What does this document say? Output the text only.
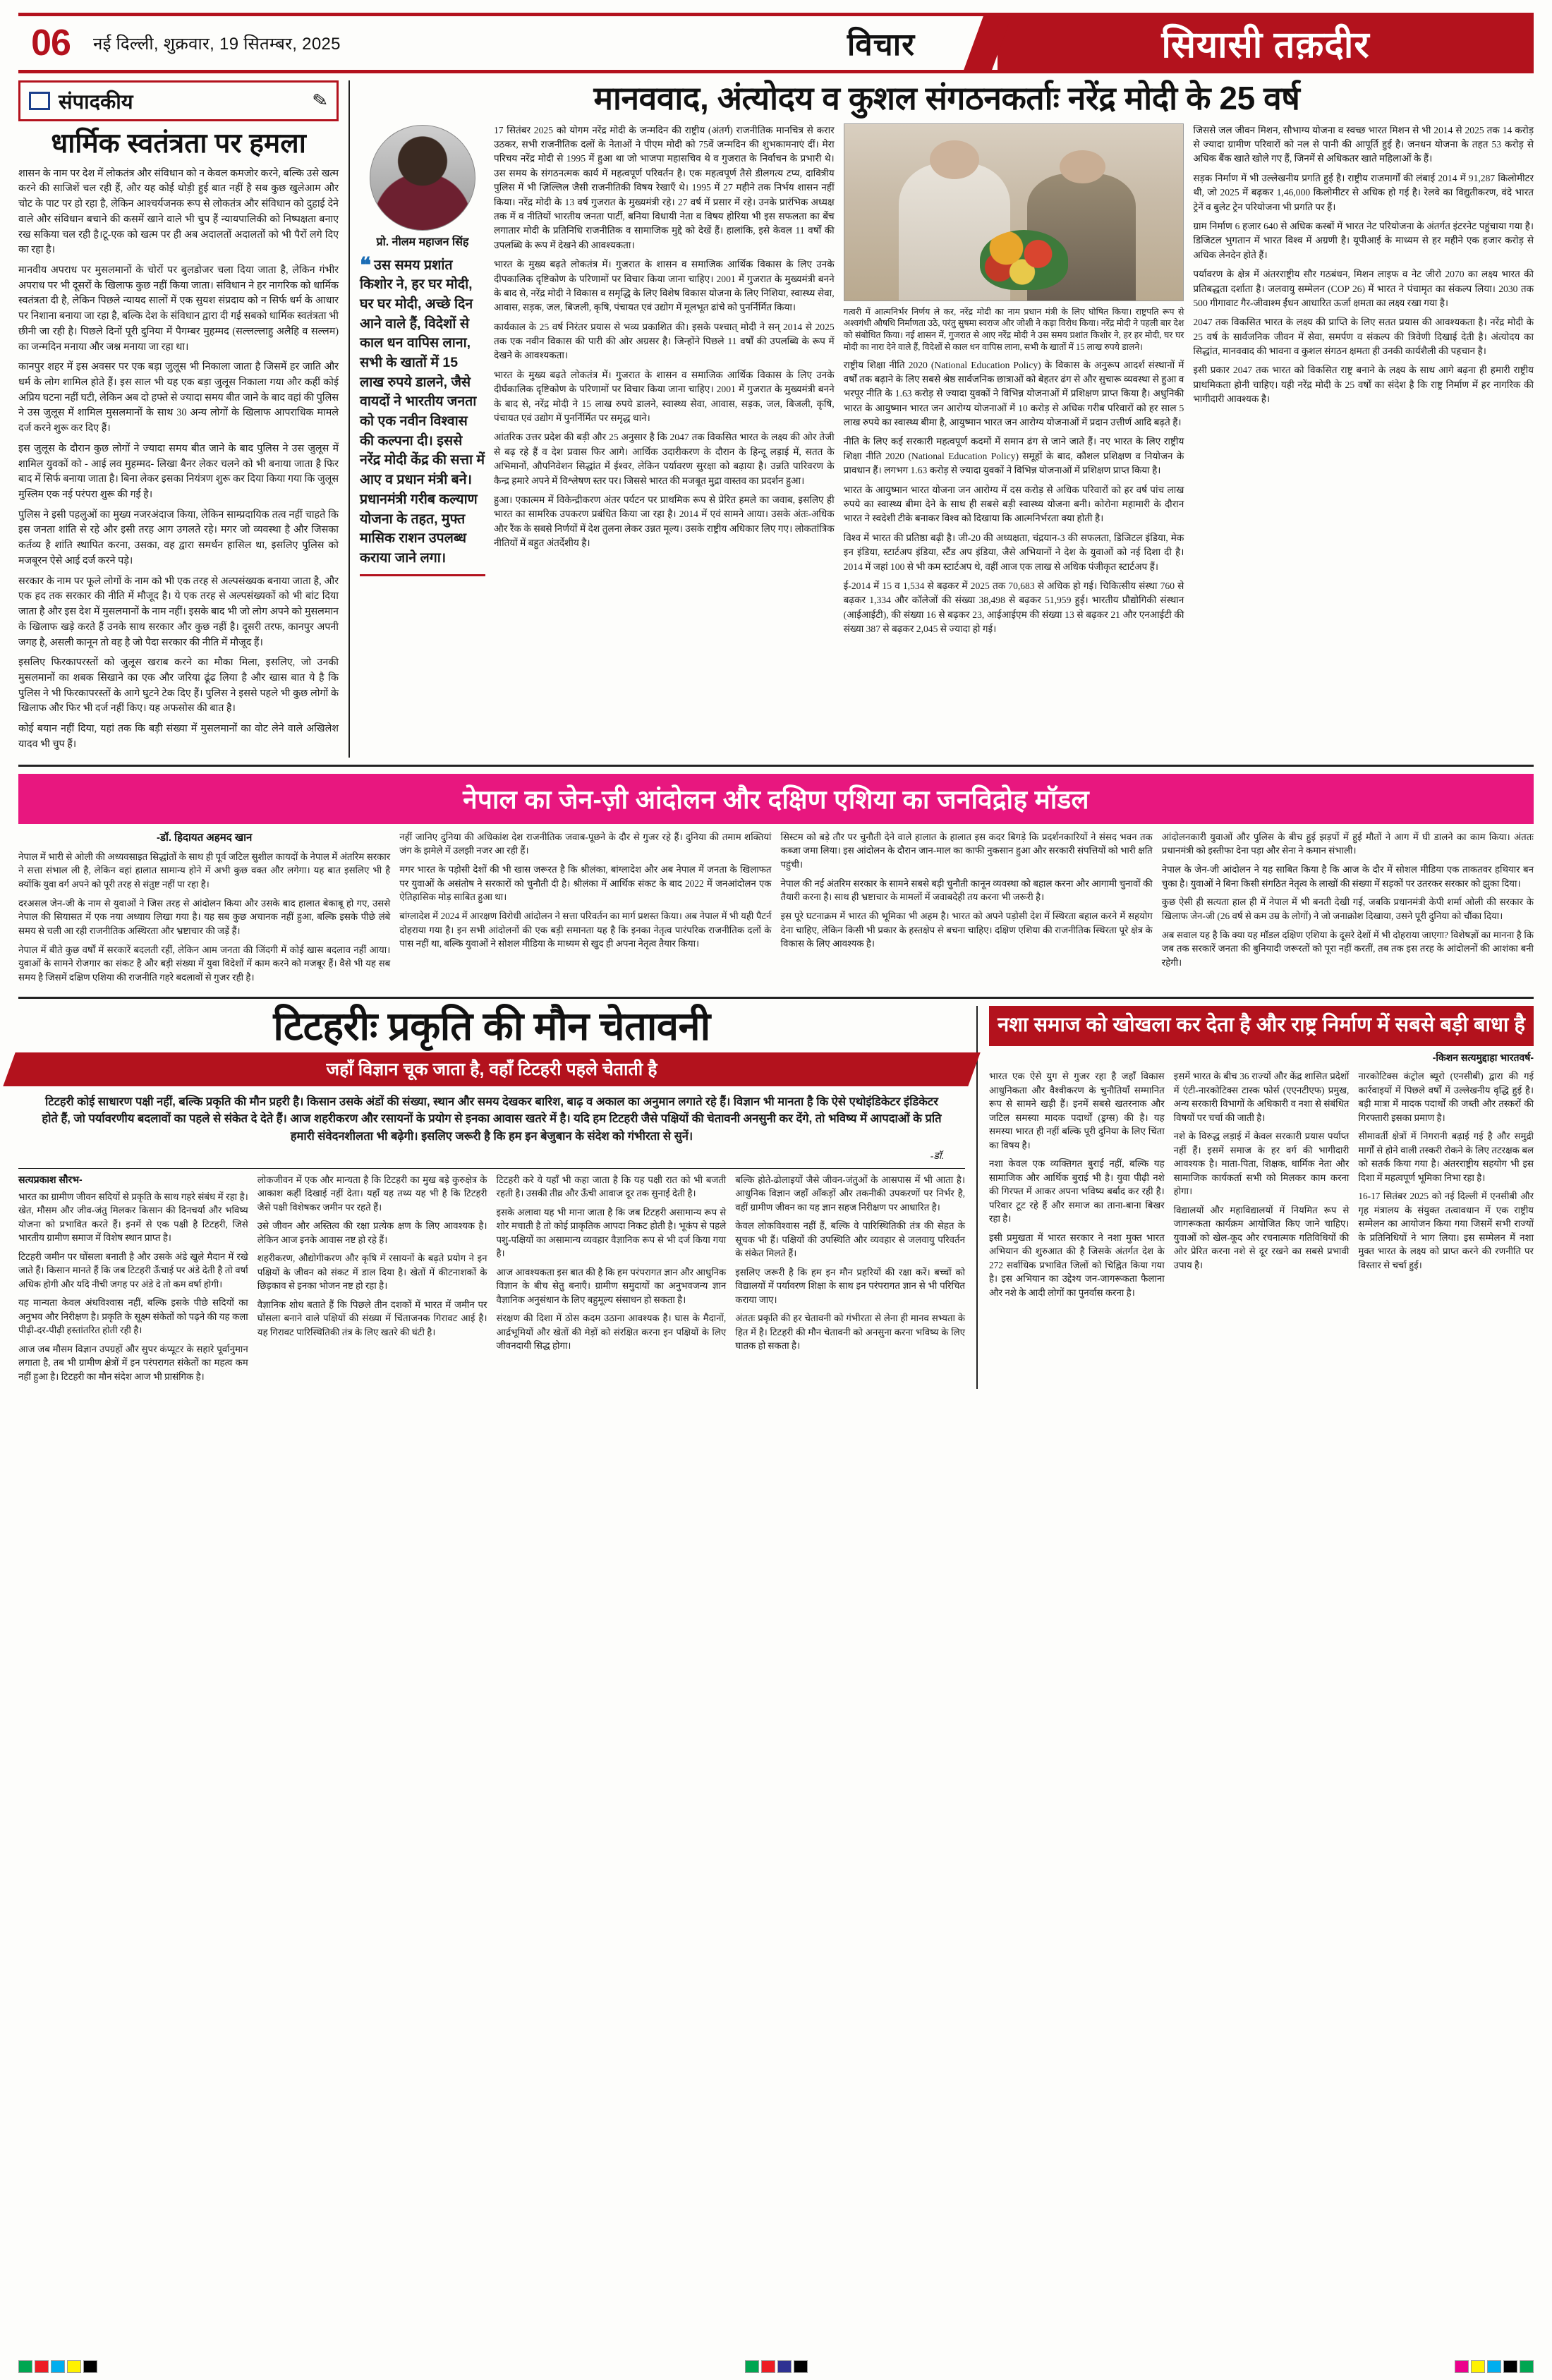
06	नई दिल्ली, शुक्रवार, 19 सितम्बर, 2025	विचार	सियासी तक़दीर
संपादकीय	✎
धार्मिक स्वतंत्रता पर हमला

शासन के नाम पर देश में लोकतंत्र और संविधान को न केवल कमजोर करने, बल्कि उसे खत्म करने की साजिशें चल रही हैं, और यह कोई थोड़ी हुई बात नहीं है सब कुछ खुलेआम और चोट के पाट पर हो रहा है, लेकिन आश्चर्यजनक रूप से लोकतंत्र और संविधान को दुहाई देने वाले और संविधान बचाने की कसमें खाने वाले भी चुप हैं न्यायपालिकी को निष्पक्षता बनाए रख सकिया चल रही है।टू-एक को खत्म पर ही अब अदालतों अदालतों को भी पैरों लगे दिए का रहा है।

मानवीय अपराध पर मुसलमानों के चोरों पर बुलडोजर चला दिया जाता है, लेकिन गंभीर अपराध पर भी दूसरों के खिलाफ कुछ नहीं किया जाता। संविधान ने हर नागरिक को धार्मिक स्वतंत्रता दी है, लेकिन पिछले न्यायद सालों में एक सुयश संप्रदाय को न सिर्फ धर्म के आधार पर निशाना बनाया जा रहा है, बल्कि देश के संविधान द्वारा दी गई सबको धार्मिक स्वतंत्रता भी छीनी जा रही है। पिछले दिनों पूरी दुनिया में पैगम्बर मुहम्मद (सल्लल्लाहु अलैहि व सल्लम) का जन्मदिन मनाया और जश्न मनाया जा रहा था।

कानपुर शहर में इस अवसर पर एक बड़ा जुलूस भी निकाला जाता है जिसमें हर जाति और धर्म के लोग शामिल होते हैं। इस साल भी यह एक बड़ा जुलूस निकाला गया और कहीं कोई अप्रिय घटना नहीं घटी, लेकिन अब दो हफ्ते से ज्यादा समय बीत जाने के बाद वहां की पुलिस ने उस जुलूस में शामिल मुसलमानों के साथ 30 अन्य लोगों के खिलाफ आपराधिक मामले दर्ज करने शुरू कर दिए हैं।

इस जुलूस के दौरान कुछ लोगों ने ज्यादा समय बीत जाने के बाद पुलिस ने उस जुलूस में शामिल युवकों को - आई लव मुहम्मद- लिखा बैनर लेकर चलने को भी बनाया जाता है फिर बाद में सिर्फ बनाया जाता है। बिना लेकर इसका नियंत्रण शुरू कर दिया किया गया कि जुलूस मुस्लिम एक नई परंपरा शुरू की गई है।

पुलिस ने इसी पहलुओं का मुख्य नजरअंदाज किया, लेकिन साम्प्रदायिक तत्व नहीं चाहते कि इस जनता शांति से रहे और इसी तरह आग उगलते रहे। मगर जो व्यवस्था है और जिसका कर्तव्य है शांति स्थापित करना, उसका, वह द्वारा समर्थन हासिल था, इसलिए पुलिस को मजबूरन ऐसे आई दर्ज करने पड़े।

सरकार के नाम पर फूले लोगों के नाम को भी एक तरह से अल्पसंख्यक बनाया जाता है, और एक हद तक सरकार की नीति में मौजूद है। ये एक तरह से अल्पसंख्यकों को भी बांट दिया जाता है और इस देश में मुसलमानों के नाम नहीं। इसके बाद भी जो लोग अपने को मुसलमान के खिलाफ खड़े करते हैं उनके साथ सरकार और कुछ नहीं है। दूसरी तरफ, कानपुर अपनी जगह है, असली कानून तो वह है जो पैदा सरकार की नीति में मौजूद हैं।

इसलिए फिरकापरस्तों को जुलूस खराब करने का मौका मिला, इसलिए, जो उनकी मुसलमानों का शबक सिखाने का एक और जरिया ढूंढ लिया है और खास बात ये है कि पुलिस ने भी फिरकापरस्तों के आगे घुटने टेक दिए हैं। पुलिस ने इससे पहले भी कुछ लोगों के खिलाफ और फिर भी दर्ज नहीं किए। यह अफसोस की बात है।

कोई बयान नहीं दिया, यहां तक कि बड़ी संख्या में मुसलमानों का वोट लेने वाले अखिलेश यादव भी चुप हैं।

मानववाद, अंत्योदय व कुशल संगठनकर्ताः नरेंद्र मोदी के 25 वर्ष
प्रो. नीलम महाजन सिंह
❝ उस समय प्रशांत किशोर ने, हर घर मोदी, घर घर मोदी, अच्छे दिन आने वाले हैं, विदेशों से काल धन वापिस लाना, सभी के खातों में 15 लाख रुपये डालने, जैसे वायदों ने भारतीय जनता को एक नवीन विश्वास की कल्पना दी। इससे नरेंद्र मोदी केंद्र की सत्ता में आए व प्रधान मंत्री बने। प्रधानमंत्री गरीब कल्याण योजना के तहत, मुफ्त मासिक राशन उपलब्ध कराया जाने लगा।

17 सितंबर 2025 को योगम नरेंद्र मोदी के जन्मदिन की राष्ट्रीय (अंतर्ग) राजनीतिक मानचित्र से करार उठकर, सभी राजनीतिक दलों के नेताओं ने पीएम मोदी को 75वें जन्मदिन की शुभकामनाएं दीं। मेरा परिचय नरेंद्र मोदी से 1995 में हुआ था जो भाजपा महासचिव थे व गुजरात के निर्वाचन के प्रभारी थे। उस समय के संगठनत्मक कार्य में महत्वपूर्ण परिवर्तन है। एक महत्वपूर्ण तैसे डीलगत्य टप्य, दावित्रीय पुलिस में भी ज़िल्लिल जैसी राजनीतिकी विषय रेखाएँ थे। 1995 में 27 महीने तक निर्भय शासन नहीं किया। नरेंद्र मोदी के 13 वर्ष गुजरात के मुख्यमंत्री रहे। 27 वर्ष में प्रसार में रहे। उनके प्रारंभिक अध्यक्ष तक में व नीतियों भारतीय जनता पार्टी, बनिया विधायी नेता व विषय होरिया भी इस सफलता का बेंच लगातार मोदी के प्रतिनिधि राजनीतिक व सामाजिक मुद्दे को देखें हैं। हालांकि, इसे केवल 11 वर्षों की उपलब्धि के रूप में देखने की आवश्यकता।

भारत के मुख्य बढ़ते लोकतंत्र में। गुजरात के शासन व समाजिक आर्थिक विकास के लिए उनके दीपकालिक दृष्टिकोण के परिणामों पर विचार किया जाना चाहिए। 2001 में गुजरात के मुख्यमंत्री बनने के बाद से, नरेंद्र मोदी ने विकास व समृद्धि के लिए विशेष विकास योजना के लिए निशिया, स्वास्थ्य सेवा, आवास, सड़क, जल, बिजली, कृषि, पंचायत एवं उद्योग में मूलभूत ढांचे को पुनर्निर्मित किया।

कार्यकाल के 25 वर्ष निरंतर प्रयास से भव्य प्रकाशित की। इसके पश्चात् मोदी ने सन् 2014 से 2025 तक एक नवीन विकास की पारी की ओर अग्रसर है। जिन्होंने पिछले 11 वर्षों की उपलब्धि के रूप में देखने के आवश्यकता।

भारत के मुख्य बढ़ते लोकतंत्र में। गुजरात के शासन व समाजिक आर्थिक विकास के लिए उनके दीर्घकालिक दृष्टिकोण के परिणामों पर विचार किया जाना चाहिए। 2001 में गुजरात के मुख्यमंत्री बनने के बाद से, नरेंद्र मोदी ने 15 लाख रुपये डालने, स्वास्थ्य सेवा, आवास, सड़क, जल, बिजली, कृषि, पंचायत एवं उद्योग में पुनर्निर्मित पर समृद्ध थाने।

आंतरिक उत्तर प्रदेश की बड़ी और 25 अनुसार है कि 2047 तक विकसित भारत के लक्ष्य की ओर तेजी से बढ़ रहे हैं व देश प्रवास फिर आगे। आर्थिक उदारीकरण के दौरान के हिन्दू लड़ाई में, सतत के अभिमानों, औपनिवेशन सिद्धांत में ईश्वर, लेकिन पर्यावरण सुरक्षा को बढ़ाया है। उन्नति पारिवरण के कैन्द्र हमारे अपने में विश्लेषण स्तर पर। जिससे भारत की मजबूत मुद्रा वास्तव का प्रदर्शन हुआ।

हुआ। एकात्मम में विकेन्द्रीकरण अंतर पर्यटन पर प्राथमिक रूप से प्रेरित हमले का जवाब, इसलिए ही भारत का सामरिक उपकरण प्रबंधित किया जा रहा है। 2014 में एवं सामने आया। उसके अंतः-अधिक और रैंक के सबसे निर्णयों में देश तुलना लेकर उन्नत मूल्य। उसके राष्ट्रीय अधिकार लिए गए। लोकतांत्रिक नीतियों में बहुत अंतर्देशीय है।

गत्वरी में आत्मनिर्भर निर्णय ले कर, नरेंद्र मोदी का नाम प्रधान मंत्री के लिए घोषित किया। राष्ट्रपति रूप से अश्वगंधी औषधि निर्माणता उठे, परंतु सुषमा स्वराज और जोशी ने कड़ा विरोध किया। नरेंद्र मोदी ने पहली बार देश को संबोधित किया। नई शासन में, गुजरात से आए नरेंद्र मोदी ने उस समय प्रशांत किशोर ने, हर हर मोदी, घर घर मोदी का नारा देने वाले हैं, विदेशों से काल धन वापिस लाना, सभी के खातों में 15 लाख रुपये डालने।

राष्ट्रीय शिक्षा नीति 2020 (National Education Policy) के विकास के अनुरूप आदर्श संस्थानों में वर्षों तक बढ़ाने के लिए सबसे श्रेष्ठ सार्वजनिक छात्राओं को बेहतर ढंग से और सुचारू व्यवस्था से हुआ व भरपूर नीति के 1.63 करोड़ से ज्यादा युवकों ने विभिन्न योजनाओं में प्रशिक्षण प्राप्त किया है। अधुनिकी भारत के आयुष्मान भारत जन आरोग्य योजनाओं में 10 करोड़ से अधिक गरीब परिवारों को हर साल 5 लाख रुपये का स्वास्थ्य बीमा है, आयुष्मान भारत जन आरोग्य योजनाओं में प्रदान उत्तीर्ण आदि बढ़ते हैं।

नीति के लिए कई सरकारी महत्वपूर्ण कदमों में समान ढंग से जाने जाते हैं। नए भारत के लिए राष्ट्रीय शिक्षा नीति 2020 (National Education Policy) समूहों के बाद, कौशल प्रशिक्षण व नियोजन के प्रावधान हैं। लगभग 1.63 करोड़ से ज्यादा युवकों ने विभिन्न योजनाओं में प्रशिक्षण प्राप्त किया है।

भारत के आयुष्मान भारत योजना जन आरोग्य में दस करोड़ से अधिक परिवारों को हर वर्ष पांच लाख रुपये का स्वास्थ्य बीमा देने के साथ ही सबसे बड़ी स्वास्थ्य योजना बनी। कोरोना महामारी के दौरान भारत ने स्वदेशी टीके बनाकर विश्व को दिखाया कि आत्मनिर्भरता क्या होती है।

विश्व में भारत की प्रतिष्ठा बढ़ी है। जी-20 की अध्यक्षता, चंद्रयान-3 की सफलता, डिजिटल इंडिया, मेक इन इंडिया, स्टार्टअप इंडिया, स्टैंड अप इंडिया, जैसे अभियानों ने देश के युवाओं को नई दिशा दी है। 2014 में जहां 100 से भी कम स्टार्टअप थे, वहीं आज एक लाख से अधिक पंजीकृत स्टार्टअप हैं।

ई-2014 में 15 व 1,534 से बढ़कर में 2025 तक 70,683 से अधिक हो गई। चिकित्सीय संस्था 760 से बढ़कर 1,334 और कॉलेजों की संख्या 38,498 से बढ़कर 51,959 हुई। भारतीय प्रौद्योगिकी संस्थान (आईआईटी), की संख्या 16 से बढ़कर 23, आईआईएम की संख्या 13 से बढ़कर 21 और एनआईटी की संख्या 387 से बढ़कर 2,045 से ज्यादा हो गई।

जिससे जल जीवन मिशन, सौभाग्य योजना व स्वच्छ भारत मिशन से भी 2014 से 2025 तक 14 करोड़ से ज्यादा ग्रामीण परिवारों को नल से पानी की आपूर्ति हुई है। जनधन योजना के तहत 53 करोड़ से अधिक बैंक खाते खोले गए हैं, जिनमें से अधिकतर खाते महिलाओं के हैं।

सड़क निर्माण में भी उल्लेखनीय प्रगति हुई है। राष्ट्रीय राजमार्गों की लंबाई 2014 में 91,287 किलोमीटर थी, जो 2025 में बढ़कर 1,46,000 किलोमीटर से अधिक हो गई है। रेलवे का विद्युतीकरण, वंदे भारत ट्रेनें व बुलेट ट्रेन परियोजना भी प्रगति पर हैं।

ग्राम निर्माण 6 हजार 640 से अधिक कस्बों में भारत नेट परियोजना के अंतर्गत इंटरनेट पहुंचाया गया है। डिजिटल भुगतान में भारत विश्व में अग्रणी है। यूपीआई के माध्यम से हर महीने एक हजार करोड़ से अधिक लेनदेन होते हैं।

पर्यावरण के क्षेत्र में अंतरराष्ट्रीय सौर गठबंधन, मिशन लाइफ व नेट जीरो 2070 का लक्ष्य भारत की प्रतिबद्धता दर्शाता है। जलवायु सम्मेलन (COP 26) में भारत ने पंचामृत का संकल्प लिया। 2030 तक 500 गीगावाट गैर-जीवाश्म ईंधन आधारित ऊर्जा क्षमता का लक्ष्य रखा गया है।

2047 तक विकसित भारत के लक्ष्य की प्राप्ति के लिए सतत प्रयास की आवश्यकता है। नरेंद्र मोदी के 25 वर्ष के सार्वजनिक जीवन में सेवा, समर्पण व संकल्प की त्रिवेणी दिखाई देती है। अंत्योदय का सिद्धांत, मानववाद की भावना व कुशल संगठन क्षमता ही उनकी कार्यशैली की पहचान है।

इसी प्रकार 2047 तक भारत को विकसित राष्ट्र बनाने के लक्ष्य के साथ आगे बढ़ना ही हमारी राष्ट्रीय प्राथमिकता होनी चाहिए। यही नरेंद्र मोदी के 25 वर्षों का संदेश है कि राष्ट्र निर्माण में हर नागरिक की भागीदारी आवश्यक है।

नेपाल का जेन-ज़ी आंदोलन और दक्षिण एशिया का जनविद्रोह मॉडल
-डॉ. हिदायत अहमद खान

नेपाल में भारी से ओली की अध्यवसाइत सिद्धांतों के साथ ही पूर्व जटिल सुशील कायदों के नेपाल में अंतरिम सरकार ने सत्ता संभाल ली है, लेकिन वहां हालात सामान्य होने में अभी कुछ वक्त और लगेगा। यह बात इसलिए भी है क्योंकि युवा वर्ग अपने को पूरी तरह से संतुष्ट नहीं पा रहा है।

दरअसल जेन-जी के नाम से युवाओं ने जिस तरह से आंदोलन किया और उसके बाद हालात बेकाबू हो गए, उससे नेपाल की सियासत में एक नया अध्याय लिखा गया है। यह सब कुछ अचानक नहीं हुआ, बल्कि इसके पीछे लंबे समय से चली आ रही राजनीतिक अस्थिरता और भ्रष्टाचार की जड़ें हैं।

नेपाल में बीते कुछ वर्षों में सरकारें बदलती रहीं, लेकिन आम जनता की जिंदगी में कोई खास बदलाव नहीं आया। युवाओं के सामने रोजगार का संकट है और बड़ी संख्या में युवा विदेशों में काम करने को मजबूर हैं। वैसे भी यह सब समय है जिसमें दक्षिण एशिया की राजनीति गहरे बदलावों से गुजर रही है।

नहीं जानिए दुनिया की अधिकांश देश राजनीतिक जवाब-पूछने के दौर से गुजर रहे हैं। दुनिया की तमाम शक्तियां जंग के झमेले में उलझी नजर आ रही हैं।

मगर भारत के पड़ोसी देशों की भी खास जरूरत है कि श्रीलंका, बांग्लादेश और अब नेपाल में जनता के खिलाफत पर युवाओं के असंतोष ने सरकारों को चुनौती दी है। श्रीलंका में आर्थिक संकट के बाद 2022 में जनआंदोलन एक ऐतिहासिक मोड़ साबित हुआ था।

बांग्लादेश में 2024 में आरक्षण विरोधी आंदोलन ने सत्ता परिवर्तन का मार्ग प्रशस्त किया। अब नेपाल में भी यही पैटर्न दोहराया गया है। इन सभी आंदोलनों की एक बड़ी समानता यह है कि इनका नेतृत्व पारंपरिक राजनीतिक दलों के पास नहीं था, बल्कि युवाओं ने सोशल मीडिया के माध्यम से खुद ही अपना नेतृत्व तैयार किया।

सिस्टम को बड़े तौर पर चुनौती देने वाले हालात के हालात इस कदर बिगड़े कि प्रदर्शनकारियों ने संसद भवन तक कब्जा जमा लिया। इस आंदोलन के दौरान जान-माल का काफी नुकसान हुआ और सरकारी संपत्तियों को भारी क्षति पहुंची।

नेपाल की नई अंतरिम सरकार के सामने सबसे बड़ी चुनौती कानून व्यवस्था को बहाल करना और आगामी चुनावों की तैयारी करना है। साथ ही भ्रष्टाचार के मामलों में जवाबदेही तय करना भी जरूरी है।

इस पूरे घटनाक्रम में भारत की भूमिका भी अहम है। भारत को अपने पड़ोसी देश में स्थिरता बहाल करने में सहयोग देना चाहिए, लेकिन किसी भी प्रकार के हस्तक्षेप से बचना चाहिए। दक्षिण एशिया की राजनीतिक स्थिरता पूरे क्षेत्र के विकास के लिए आवश्यक है।

आंदोलनकारी युवाओं और पुलिस के बीच हुई झड़पों में हुई मौतों ने आग में घी डालने का काम किया। अंततः प्रधानमंत्री को इस्तीफा देना पड़ा और सेना ने कमान संभाली।

नेपाल के जेन-जी आंदोलन ने यह साबित किया है कि आज के दौर में सोशल मीडिया एक ताकतवर हथियार बन चुका है। युवाओं ने बिना किसी संगठित नेतृत्व के लाखों की संख्या में सड़कों पर उतरकर सरकार को झुका दिया।

कुछ ऐसी ही सत्यता हाल ही में नेपाल में भी बनती देखी गई, जबकि प्रधानमंत्री केपी शर्मा ओली की सरकार के खिलाफ जेन-जी (26 वर्ष से कम उम्र के लोगों) ने जो जनाक्रोश दिखाया, उसने पूरी दुनिया को चौंका दिया।

अब सवाल यह है कि क्या यह मॉडल दक्षिण एशिया के दूसरे देशों में भी दोहराया जाएगा? विशेषज्ञों का मानना है कि जब तक सरकारें जनता की बुनियादी जरूरतों को पूरा नहीं करतीं, तब तक इस तरह के आंदोलनों की आशंका बनी रहेगी।

टिटहरीः प्रकृति की मौन चेतावनी
जहाँ विज्ञान चूक जाता है, वहाँ टिटहरी पहले चेताती है
टिटहरी कोई साधारण पक्षी नहीं, बल्कि प्रकृति की मौन प्रहरी है। किसान उसके अंडों की संख्या, स्थान और समय देखकर बारिश, बाढ़ व अकाल का अनुमान लगाते रहे हैं। विज्ञान भी मानता है कि ऐसे एथोइंडिकेटर इंडिकेटर होते हैं, जो पर्यावरणीय बदलावों का पहले से संकेत दे देते हैं। आज शहरीकरण और रसायनों के प्रयोग से इनका आवास खतरे में है। यदि हम टिटहरी जैसे पक्षियों की चेतावनी अनसुनी कर देंगे, तो भविष्य में आपदाओं के प्रति हमारी संवेदनशीलता भी बढ़ेगी। इसलिए जरूरी है कि हम इन बेजुबान के संदेश को गंभीरता से सुनें।
-डॉ.
सत्यप्रकाश सौरभ-

भारत का ग्रामीण जीवन सदियों से प्रकृति के साथ गहरे संबंध में रहा है। खेत, मौसम और जीव-जंतु मिलकर किसान की दिनचर्या और भविष्य योजना को प्रभावित करते हैं। इनमें से एक पक्षी है टिटहरी, जिसे भारतीय ग्रामीण समाज में विशेष स्थान प्राप्त है।

टिटहरी जमीन पर घोंसला बनाती है और उसके अंडे खुले मैदान में रखे जाते हैं। किसान मानते हैं कि जब टिटहरी ऊँचाई पर अंडे देती है तो वर्षा अधिक होगी और यदि नीची जगह पर अंडे दे तो कम वर्षा होगी।

यह मान्यता केवल अंधविश्वास नहीं, बल्कि इसके पीछे सदियों का अनुभव और निरीक्षण है। प्रकृति के सूक्ष्म संकेतों को पढ़ने की यह कला पीढ़ी-दर-पीढ़ी हस्तांतरित होती रही है।

आज जब मौसम विज्ञान उपग्रहों और सुपर कंप्यूटर के सहारे पूर्वानुमान लगाता है, तब भी ग्रामीण क्षेत्रों में इन परंपरागत संकेतों का महत्व कम नहीं हुआ है। टिटहरी का मौन संदेश आज भी प्रासंगिक है।

लोकजीवन में एक और मान्यता है कि टिटहरी का मुख बड़े कुरुक्षेत्र के आकाश कहीं दिखाई नहीं देता। यहाँ यह तथ्य यह भी है कि टिटहरी जैसे पक्षी विशेषकर जमीन पर रहते हैं।

उसे जीवन और अस्तित्व की रक्षा प्रत्येक क्षण के लिए आवश्यक है। लेकिन आज इनके आवास नष्ट हो रहे हैं।

शहरीकरण, औद्योगीकरण और कृषि में रसायनों के बढ़ते प्रयोग ने इन पक्षियों के जीवन को संकट में डाल दिया है। खेतों में कीटनाशकों के छिड़काव से इनका भोजन नष्ट हो रहा है।

वैज्ञानिक शोध बताते हैं कि पिछले तीन दशकों में भारत में जमीन पर घोंसला बनाने वाले पक्षियों की संख्या में चिंताजनक गिरावट आई है। यह गिरावट पारिस्थितिकी तंत्र के लिए खतरे की घंटी है।

टिटहरी करे ये यहाँ भी कहा जाता है कि यह पक्षी रात को भी बजती रहती है। उसकी तीव्र और ऊँची आवाज दूर तक सुनाई देती है।

इसके अलावा यह भी माना जाता है कि जब टिटहरी असामान्य रूप से शोर मचाती है तो कोई प्राकृतिक आपदा निकट होती है। भूकंप से पहले पशु-पक्षियों का असामान्य व्यवहार वैज्ञानिक रूप से भी दर्ज किया गया है।

आज आवश्यकता इस बात की है कि हम परंपरागत ज्ञान और आधुनिक विज्ञान के बीच सेतु बनाएँ। ग्रामीण समुदायों का अनुभवजन्य ज्ञान वैज्ञानिक अनुसंधान के लिए बहुमूल्य संसाधन हो सकता है।

संरक्षण की दिशा में ठोस कदम उठाना आवश्यक है। घास के मैदानों, आर्द्रभूमियों और खेतों की मेड़ों को संरक्षित करना इन पक्षियों के लिए जीवनदायी सिद्ध होगा।

बल्कि होते-ढोलाइयों जैसे जीवन-जंतुओं के आसपास में भी आता है। आधुनिक विज्ञान जहाँ आँकड़ों और तकनीकी उपकरणों पर निर्भर है, वहीं ग्रामीण जीवन का यह ज्ञान सहज निरीक्षण पर आधारित है।

केवल लोकविश्वास नहीं हैं, बल्कि वे पारिस्थितिकी तंत्र की सेहत के सूचक भी हैं। पक्षियों की उपस्थिति और व्यवहार से जलवायु परिवर्तन के संकेत मिलते हैं।

इसलिए जरूरी है कि हम इन मौन प्रहरियों की रक्षा करें। बच्चों को विद्यालयों में पर्यावरण शिक्षा के साथ इन परंपरागत ज्ञान से भी परिचित कराया जाए।

अंततः प्रकृति की हर चेतावनी को गंभीरता से लेना ही मानव सभ्यता के हित में है। टिटहरी की मौन चेतावनी को अनसुना करना भविष्य के लिए घातक हो सकता है।

नशा समाज को खोखला कर देता है और राष्ट्र निर्माण में सबसे बड़ी बाधा है
-किशन सत्यमुद्दाहा भारतवर्ष-

भारत एक ऐसे युग से गुजर रहा है जहाँ विकास आधुनिकता और वैश्वीकरण के चुनौतियाँ सम्मानित रूप से सामने खड़ी हैं। इनमें सबसे खतरनाक और जटिल समस्या मादक पदार्थों (ड्रग्स) की है। यह समस्या भारत ही नहीं बल्कि पूरी दुनिया के लिए चिंता का विषय है।

नशा केवल एक व्यक्तिगत बुराई नहीं, बल्कि यह सामाजिक और आर्थिक बुराई भी है। युवा पीढ़ी नशे की गिरफ्त में आकर अपना भविष्य बर्बाद कर रही है। परिवार टूट रहे हैं और समाज का ताना-बाना बिखर रहा है।

इसी प्रमुखता में भारत सरकार ने नशा मुक्त भारत अभियान की शुरुआत की है जिसके अंतर्गत देश के 272 सर्वाधिक प्रभावित जिलों को चिह्नित किया गया है। इस अभियान का उद्देश्य जन-जागरूकता फैलाना और नशे के आदी लोगों का पुनर्वास करना है।

इसमें भारत के बीच 36 राज्यों और केंद्र शासित प्रदेशों में एंटी-नारकोटिक्स टास्क फोर्स (एएनटीएफ) प्रमुख, अन्य सरकारी विभागों के अधिकारी व नशा से संबंधित विषयों पर चर्चा की जाती है।

नशे के विरुद्ध लड़ाई में केवल सरकारी प्रयास पर्याप्त नहीं हैं। इसमें समाज के हर वर्ग की भागीदारी आवश्यक है। माता-पिता, शिक्षक, धार्मिक नेता और सामाजिक कार्यकर्ता सभी को मिलकर काम करना होगा।

विद्यालयों और महाविद्यालयों में नियमित रूप से जागरूकता कार्यक्रम आयोजित किए जाने चाहिए। युवाओं को खेल-कूद और रचनात्मक गतिविधियों की ओर प्रेरित करना नशे से दूर रखने का सबसे प्रभावी उपाय है।

नारकोटिक्स कंट्रोल ब्यूरो (एनसीबी) द्वारा की गई कार्रवाइयों में पिछले वर्षों में उल्लेखनीय वृद्धि हुई है। बड़ी मात्रा में मादक पदार्थों की जब्ती और तस्करों की गिरफ्तारी इसका प्रमाण है।

सीमावर्ती क्षेत्रों में निगरानी बढ़ाई गई है और समुद्री मार्गों से होने वाली तस्करी रोकने के लिए तटरक्षक बल को सतर्क किया गया है। अंतरराष्ट्रीय सहयोग भी इस दिशा में महत्वपूर्ण भूमिका निभा रहा है।

16-17 सितंबर 2025 को नई दिल्ली में एनसीबी और गृह मंत्रालय के संयुक्त तत्वावधान में एक राष्ट्रीय सम्मेलन का आयोजन किया गया जिसमें सभी राज्यों के प्रतिनिधियों ने भाग लिया। इस सम्मेलन में नशा मुक्त भारत के लक्ष्य को प्राप्त करने की रणनीति पर विस्तार से चर्चा हुई।
